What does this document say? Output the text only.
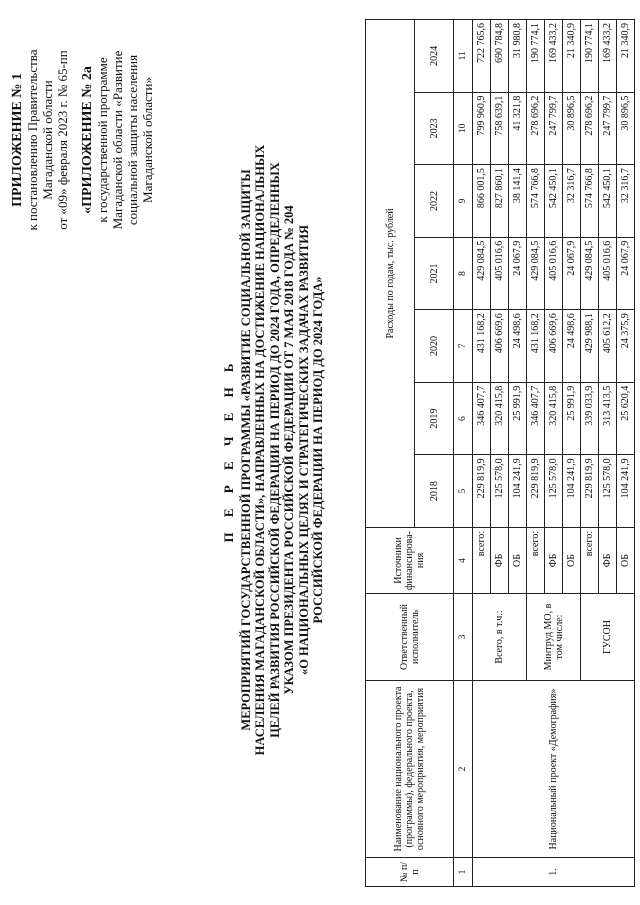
ПРИЛОЖЕНИЕ № 1 к постановлению Правительства Магаданской области от «09» февраля 2023 г. № 65-пп «ПРИЛОЖЕНИЕ № 2а к государственной программе Магаданской области «Развитие социальной защиты населения Магаданской области»
П Е Р Е Ч Е Н Ь МЕРОПРИЯТИЙ ГОСУДАРСТВЕННОЙ ПРОГРАММЫ «РАЗВИТИЕ СОЦИАЛЬНОЙ ЗАЩИТЫ НАСЕЛЕНИЯ МАГАДАНСКОЙ ОБЛАСТИ», НАПРАВЛЕННЫХ НА ДОСТИЖЕНИЕ НАЦИОНАЛЬНЫХ ЦЕЛЕЙ РАЗВИТИЯ РОССИЙСКОЙ ФЕДЕРАЦИИ НА ПЕРИОД ДО 2024 ГОДА, ОПРЕДЕЛЕННЫХ УКАЗОМ ПРЕЗИДЕНТА РОССИЙСКОЙ ФЕДЕРАЦИИ ОТ 7 МАЯ 2018 ГОДА № 204 «О НАЦИОНАЛЬНЫХ ЦЕЛЯХ И СТРАТЕГИЧЕСКИХ ЗАДАЧАХ РАЗВИТИЯ РОССИЙСКОЙ ФЕДЕРАЦИИ НА ПЕРИОД ДО 2024 ГОДА»
№ п/п	Наименование национального проекта (программы), федерального проекта, основного мероприятия, мероприятия	Ответственный исполнитель	Источники финансирова-ния	Расходы по годам, тыс. рублей						
				2018	2019	2020	2021	2022	2023	2024
1	2	3	4	5	6	7	8	9	10	11
1.	Национальный проект «Демография»	Всего, в т.ч.:	всего:	229 819,9	346 407,7	431 168,2	429 084,5	866 001,5	799 960,9	722 765,6
			ФБ	125 578,0	320 415,8	406 669,6	405 016,6	827 860,1	758 639,1	690 784,8
			ОБ	104 241,9	25 991,9	24 498,6	24 067,9	38 141,4	41 321,8	31 980,8
		Минтруд МО, в том числе:	всего:	229 819,9	346 407,7	431 168,2	429 084,5	574 766,8	278 696,2	190 774,1
			ФБ	125 578,0	320 415,8	406 669,6	405 016,6	542 450,1	247 799,7	169 433,2
			ОБ	104 241,9	25 991,9	24 498,6	24 067,9	32 316,7	30 896,5	21 340,9
		ГУСОН	всего:	229 819,9	339 033,9	429 988,1	429 084,5	574 766,8	278 696,2	190 774,1
			ФБ	125 578,0	313 413,5	405 612,2	405 016,6	542 450,1	247 799,7	169 433,2
			ОБ	104 241,9	25 620,4	24 375,9	24 067,9	32 316,7	30 896,5	21 340,9
